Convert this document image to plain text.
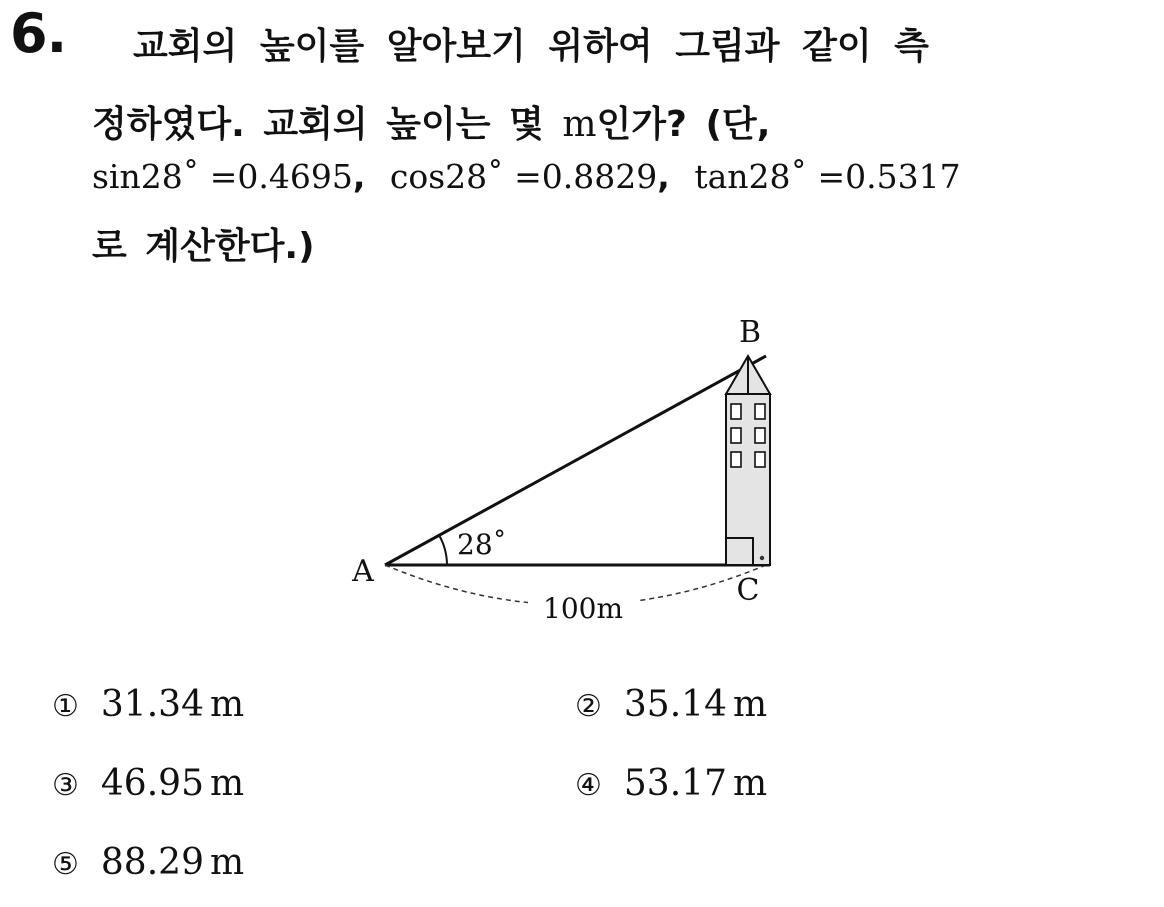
6. 교회의 높이를 알아보기 위하여 그림과 같이 측
정하였다. 교회의 높이는 몇 m인가? (단,
sin28˚ =0.4695, cos28˚ =0.8829, tan28˚ =0.5317
로 계산한다.)
B
A
C
28˚
100m
① 31.34 m	② 35.14 m
③ 46.95 m	④ 53.17 m
⑤ 88.29 m
